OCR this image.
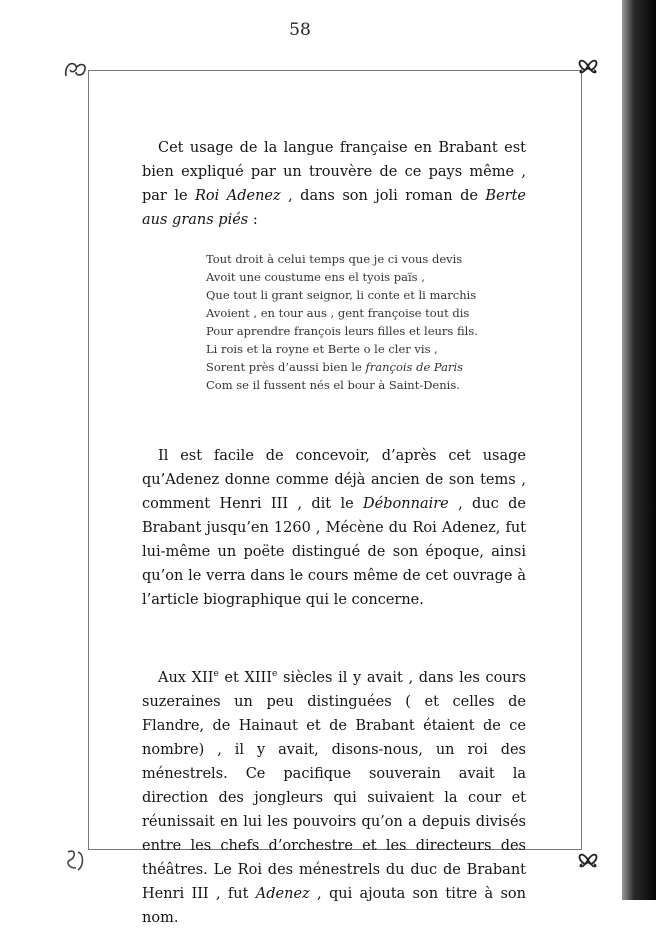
58

Cet usage de la langue française en Brabant est bien expliqué par un trouvère de ce pays même , par le Roi Adenez , dans son joli roman de Berte aus grans piés :

Tout droit à celui temps que je ci vous devis
Avoit une coustume ens el tyois païs ,
Que tout li grant seignor, li conte et li marchis
Avoient , en tour aus , gent françoise tout dis
Pour aprendre françois leurs filles et leurs fils.
Li rois et la royne et Berte o le cler vis ,
Sorent près d’aussi bien le françois de Paris
Com se il fussent nés el bour à Saint-Denis.

Il est facile de concevoir, d’après cet usage qu’Adenez donne comme déjà ancien de son tems , comment Henri III , dit le Débonnaire , duc de Brabant jusqu’en 1260 , Mécène du Roi Adenez, fut lui-même un poëte distingué de son époque, ainsi qu’on le verra dans le cours même de cet ouvrage à l’article biographique qui le concerne.

Aux XIIe et XIIIe siècles il y avait , dans les cours suzeraines un peu distinguées ( et celles de Flandre, de Hainaut et de Brabant étaient de ce nombre) , il y avait, disons-nous, un roi des ménestrels. Ce pacifique souverain avait la direction des jongleurs qui suivaient la cour et réunissait en lui les pouvoirs qu’on a depuis divisés entre les chefs d’orchestre et les directeurs des théâtres. Le Roi des ménestrels du duc de Brabant Henri III , fut Adenez , qui ajouta son titre à son nom.
